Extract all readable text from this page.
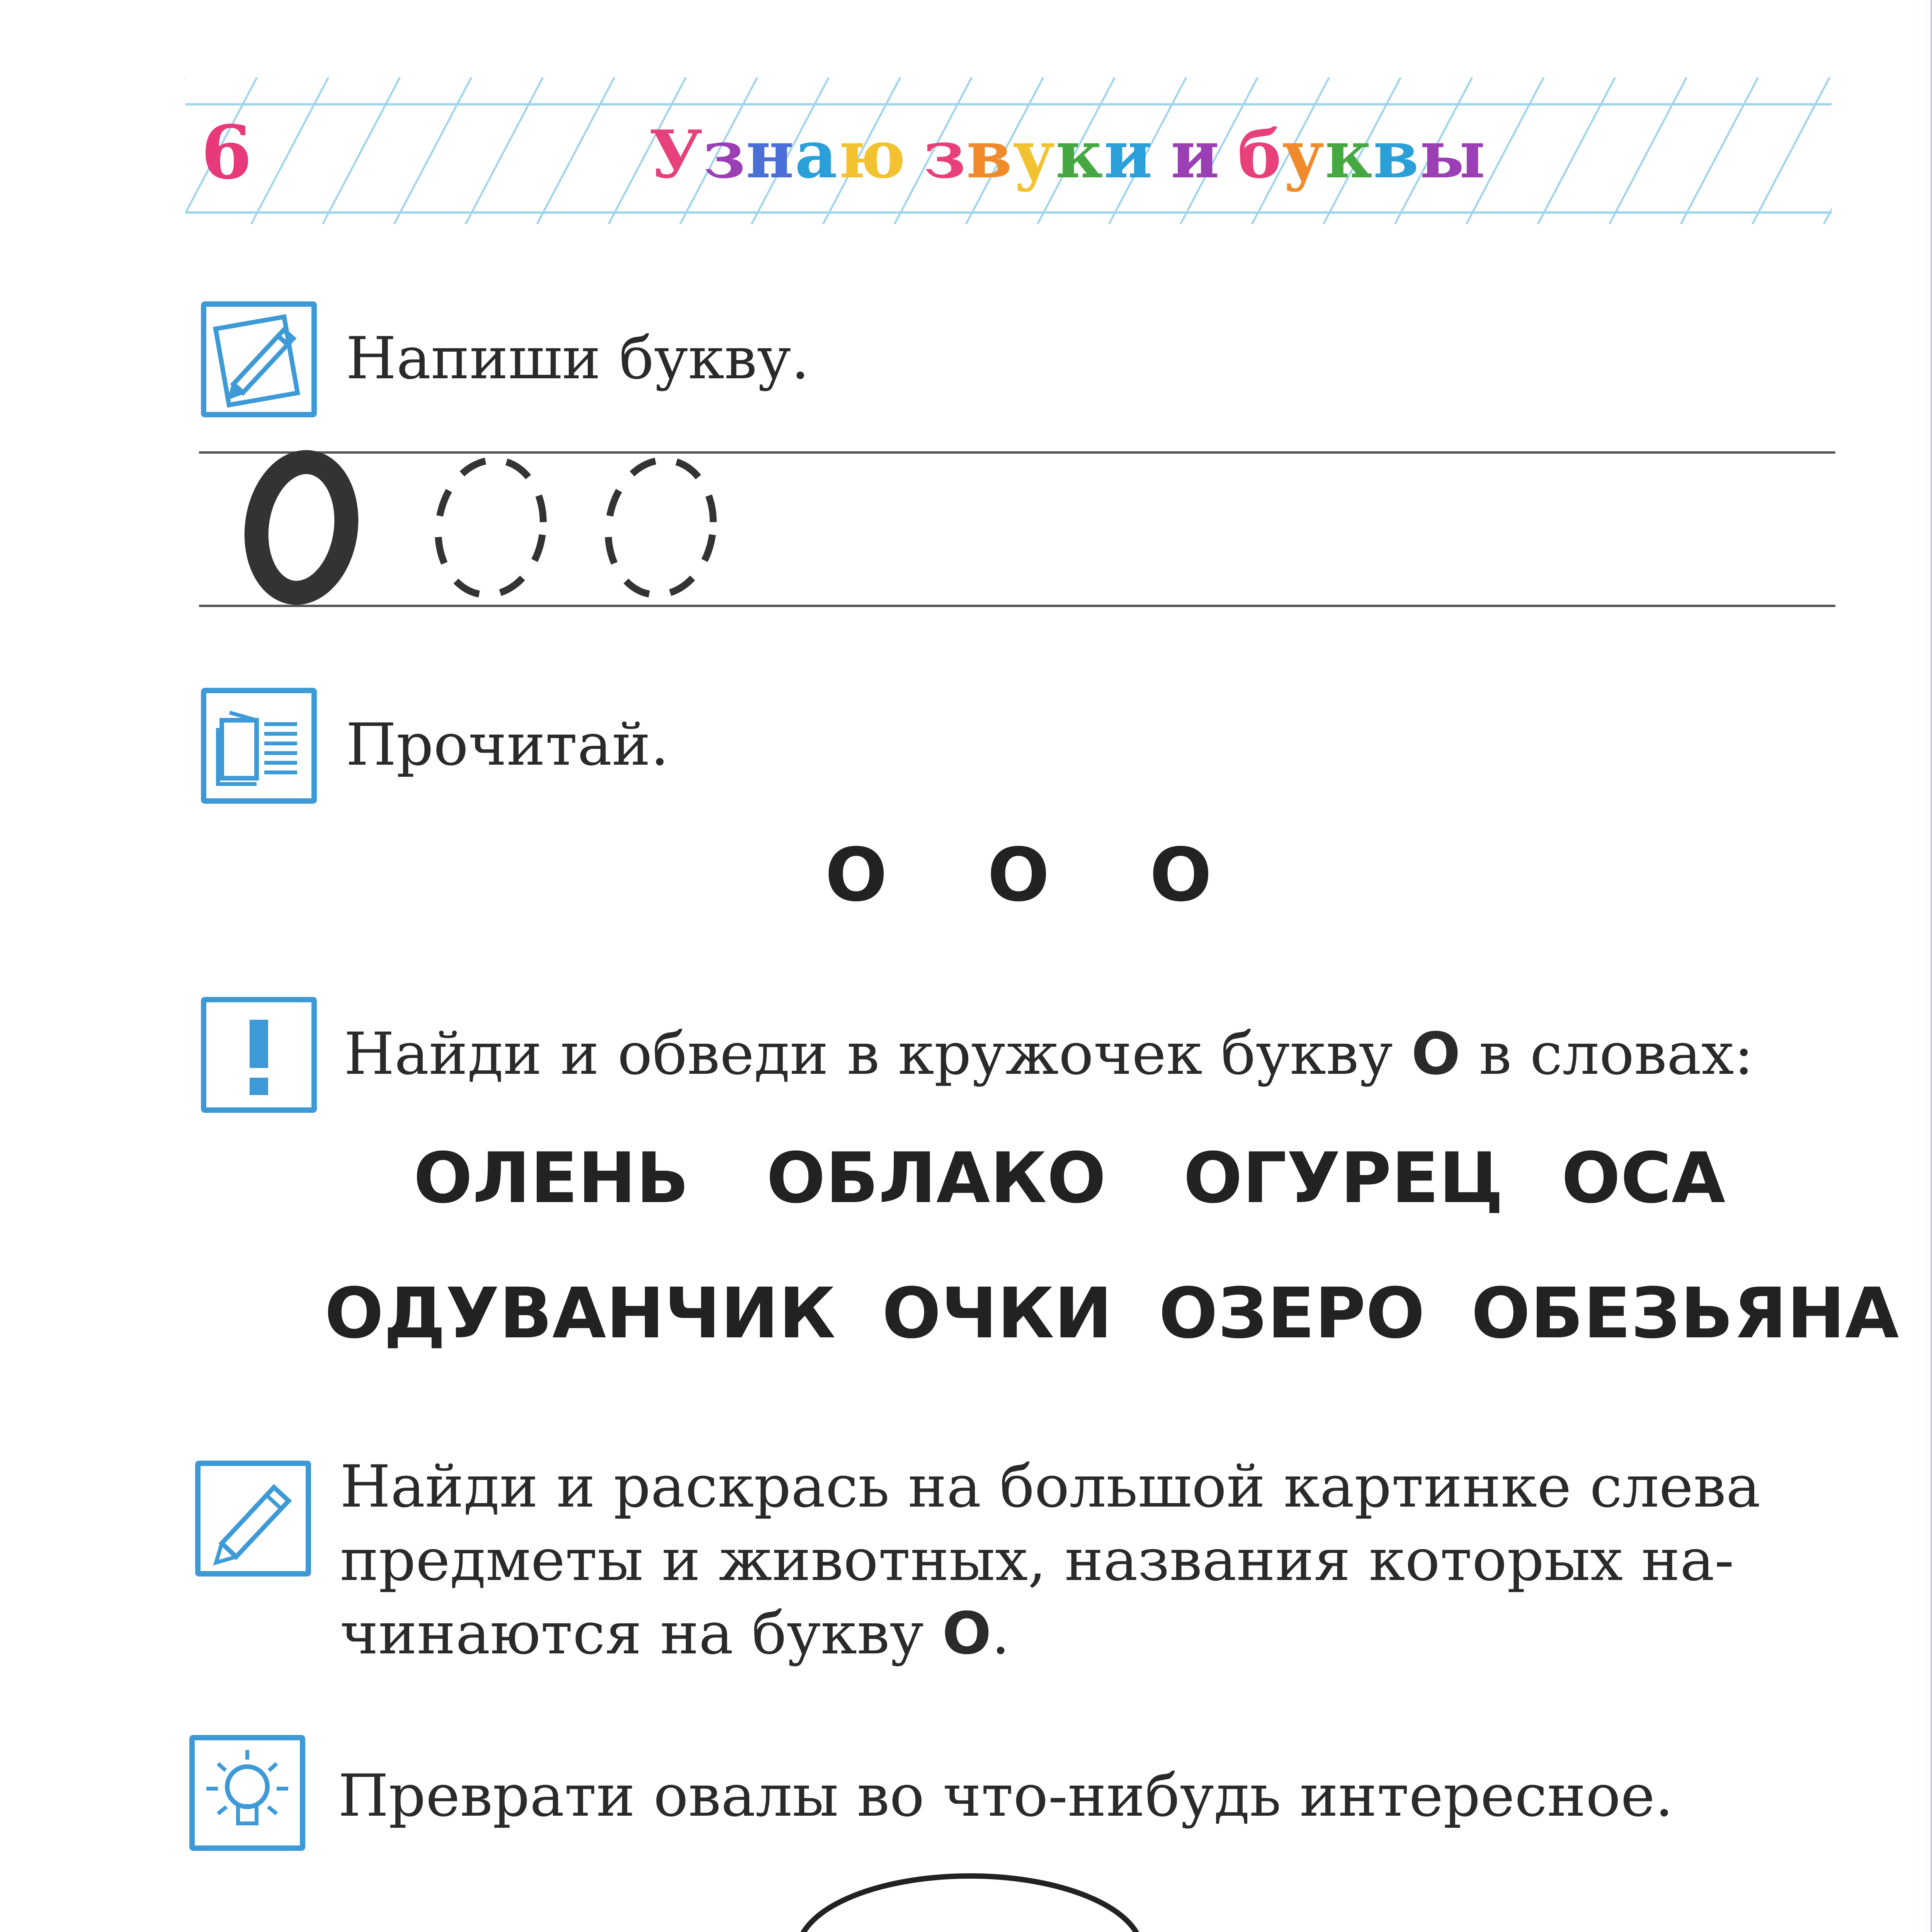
6	Узнаю звуки и буквы
Напиши букву.
Прочитай.
О О О
Найди и обведи в кружочек букву О в словах:
ОЛЕНЬ ОБЛАКО ОГУРЕЦ ОСА
ОДУВАНЧИК ОЧКИ ОЗЕРО ОБЕЗЬЯНА
Найди и раскрась на большой картинке слева
предметы и животных, названия которых на-
чинаются на букву О.
Преврати овалы во что-нибудь интересное.
